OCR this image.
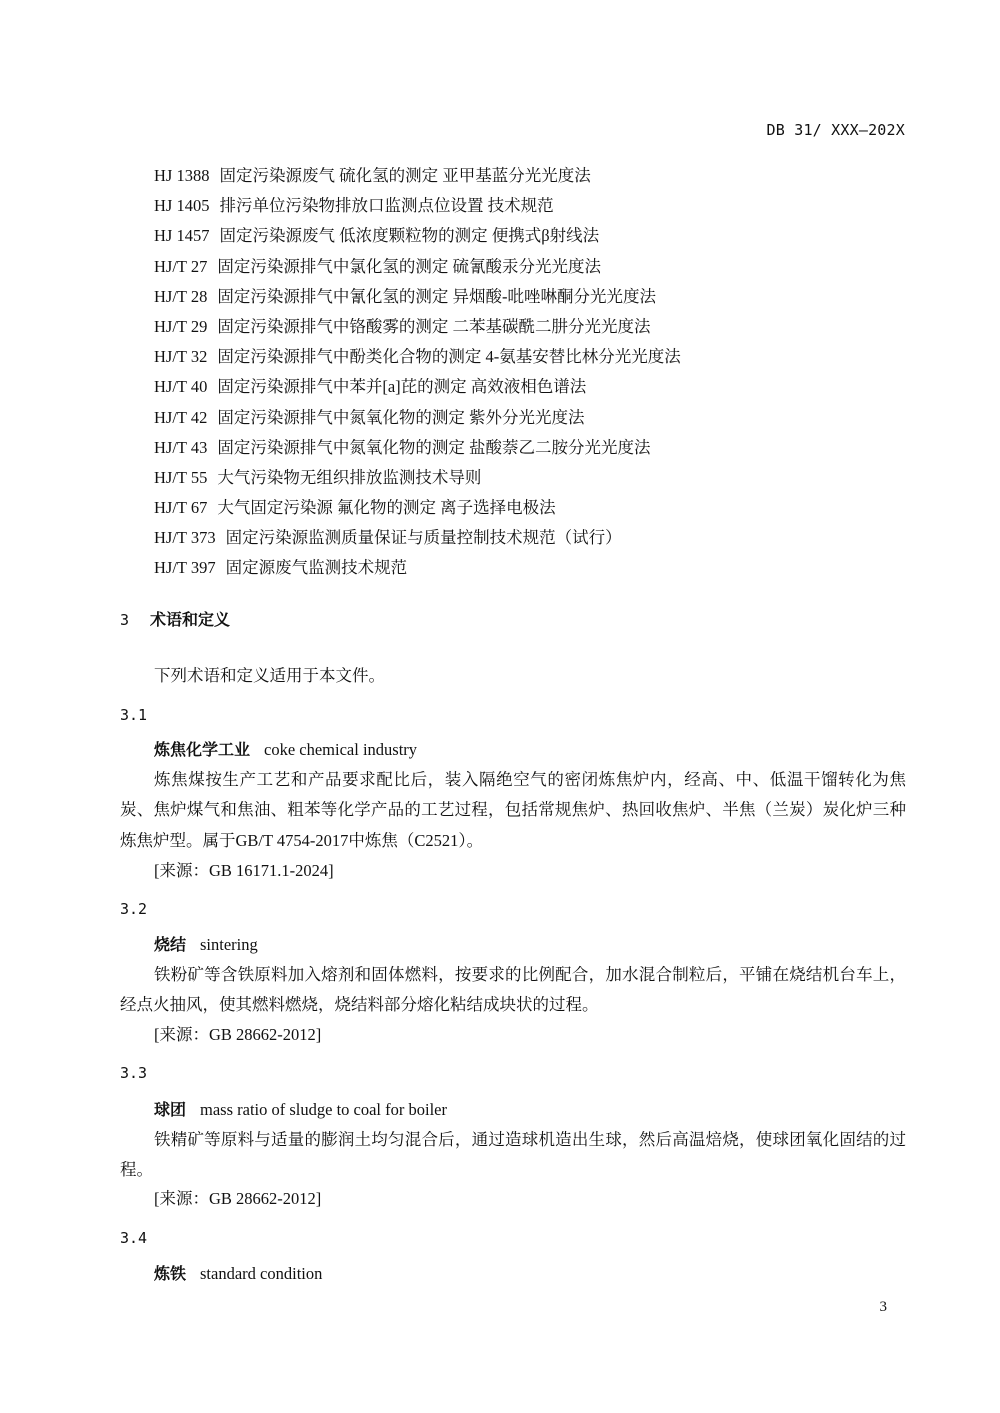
DB 31/ XXX—202X
HJ 1388 固定污染源废气 硫化氢的测定 亚甲基蓝分光光度法
HJ 1405 排污单位污染物排放口监测点位设置 技术规范
HJ 1457 固定污染源废气 低浓度颗粒物的测定 便携式β射线法
HJ/T 27 固定污染源排气中氯化氢的测定 硫氰酸汞分光光度法
HJ/T 28 固定污染源排气中氰化氢的测定 异烟酸-吡唑啉酮分光光度法
HJ/T 29 固定污染源排气中铬酸雾的测定 二苯基碳酰二肼分光光度法
HJ/T 32 固定污染源排气中酚类化合物的测定 4-氨基安替比林分光光度法
HJ/T 40 固定污染源排气中苯并[a]芘的测定 高效液相色谱法
HJ/T 42 固定污染源排气中氮氧化物的测定 紫外分光光度法
HJ/T 43 固定污染源排气中氮氧化物的测定 盐酸萘乙二胺分光光度法
HJ/T 55 大气污染物无组织排放监测技术导则
HJ/T 67 大气固定污染源 氟化物的测定 离子选择电极法
HJ/T 373 固定污染源监测质量保证与质量控制技术规范（试行）
HJ/T 397 固定源废气监测技术规范
3 术语和定义
下列术语和定义适用于本文件。
3.1
炼焦化学工业 coke chemical industry
炼焦煤按生产工艺和产品要求配比后，装入隔绝空气的密闭炼焦炉内，经高、中、低温干馏转化为焦炭、焦炉煤气和焦油、粗苯等化学产品的工艺过程，包括常规焦炉、热回收焦炉、半焦（兰炭）炭化炉三种炼焦炉型。属于GB/T 4754-2017中炼焦（C2521）。
[来源：GB 16171.1-2024]
3.2
烧结 sintering
铁粉矿等含铁原料加入熔剂和固体燃料，按要求的比例配合，加水混合制粒后，平铺在烧结机台车上，经点火抽风，使其燃料燃烧，烧结料部分熔化粘结成块状的过程。
[来源：GB 28662-2012]
3.3
球团 mass ratio of sludge to coal for boiler
铁精矿等原料与适量的膨润土均匀混合后，通过造球机造出生球，然后高温焙烧，使球团氧化固结的过程。
[来源：GB 28662-2012]
3.4
炼铁 standard condition
3
